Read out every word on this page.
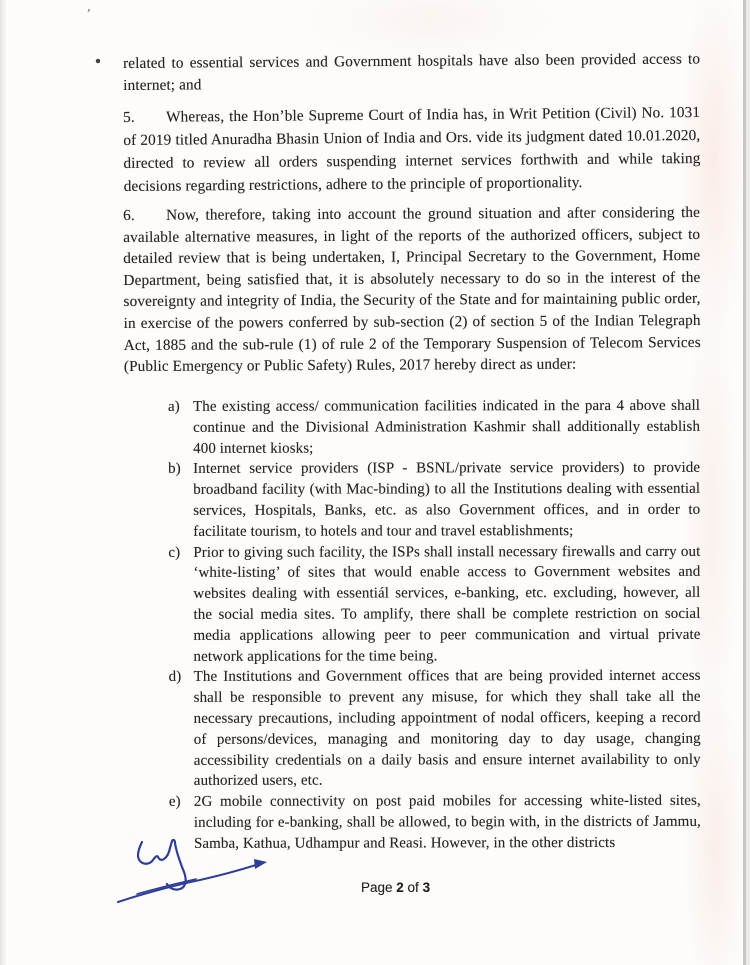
’
related to essential services and Government hospitals have also been provided access to internet; and
5. Whereas, the Hon’ble Supreme Court of India has, in Writ Petition (Civil) No. 1031 of 2019 titled Anuradha Bhasin Union of India and Ors. vide its judgment dated 10.01.2020, directed to review all orders suspending internet services forthwith and while taking decisions regarding restrictions, adhere to the principle of proportionality.
6. Now, therefore, taking into account the ground situation and after considering the available alternative measures, in light of the reports of the authorized officers, subject to detailed review that is being undertaken, I, Principal Secretary to the Government, Home Department, being satisfied that, it is absolutely necessary to do so in the interest of the sovereignty and integrity of India, the Security of the State and for maintaining public order, in exercise of the powers conferred by sub-section (2) of section 5 of the Indian Telegraph Act, 1885 and the sub-rule (1) of rule 2 of the Temporary Suspension of Telecom Services (Public Emergency or Public Safety) Rules, 2017 hereby direct as under:
a) The existing access/ communication facilities indicated in the para 4 above shall continue and the Divisional Administration Kashmir shall additionally establish 400 internet kiosks;
b) Internet service providers (ISP - BSNL/private service providers) to provide broadband facility (with Mac-binding) to all the Institutions dealing with essential services, Hospitals, Banks, etc. as also Government offices, and in order to facilitate tourism, to hotels and tour and travel establishments;
c) Prior to giving such facility, the ISPs shall install necessary firewalls and carry out ‘white-listing’ of sites that would enable access to Government websites and websites dealing with essentiál services, e-banking, etc. excluding, however, all the social media sites. To amplify, there shall be complete restriction on social media applications allowing peer to peer communication and virtual private network applications for the time being.
d) The Institutions and Government offices that are being provided internet access shall be responsible to prevent any misuse, for which they shall take all the necessary precautions, including appointment of nodal officers, keeping a record of persons/devices, managing and monitoring day to day usage, changing accessibility credentials on a daily basis and ensure internet availability to only authorized users, etc.
e) 2G mobile connectivity on post paid mobiles for accessing white-listed sites, including for e-banking, shall be allowed, to begin with, in the districts of Jammu, Samba, Kathua, Udhampur and Reasi. However, in the other districts
Page 2 of 3
